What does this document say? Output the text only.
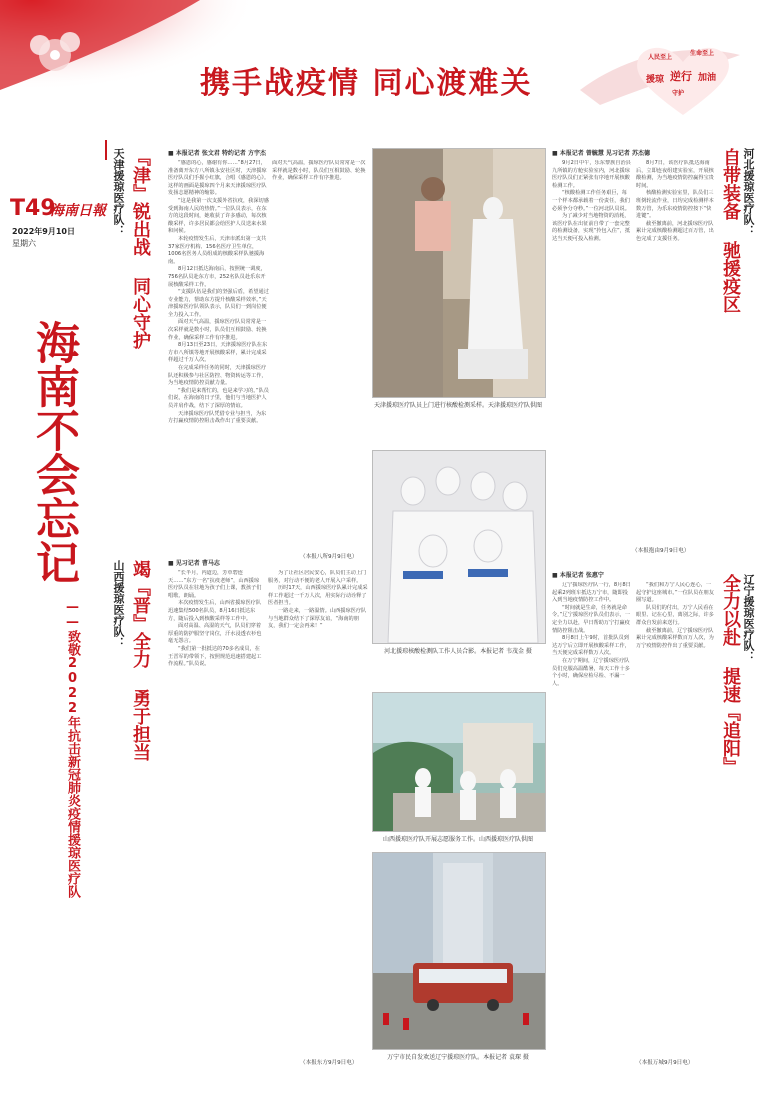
携手战疫情 同心渡难关
人民至上
生命至上
逆行 加油
援琼
守护
T49
海南日報
2022年9月10日
星期六
海南不会忘记
——致敬2022年抗击新冠肺炎疫情援琼医疗队
天津援琼医疗队： 『津』锐出战 同心守护	■ 本报记者 张文君 特约记者 方宇杰

“感恩的心，感谢有你……”8月27日，准备离开东方八所镇永安社区时，天津援琼医疗队员们手握小红旗，合唱《感恩的心》。这样的画面是援琼四个月来天津援琼医疗队发扬志愿精神的缩影。

“这是我第一次支援外省抗疫，我深切感受到海南人民的热情。”一位队员表示，在东方的这段时间，她收获了许多感动，每次核酸采样，许多居民都会给医护人员送来水果和问候。

本轮疫情发生后，天津市派出第一支共37家医疗机构、156名医疗卫生单位，1006名医务人员组成的核酸采样队驰援海南。

8月12日抵达海南后，按照统一调度，756名队员赴东方市，252名队员赴乐东开展核酸采样工作。

“支援队伍是我们的坚强后盾，希望通过专业能力，帮助东方提升核酸采样效率。”天津援琼医疗队领队表示，队员们一到岗位便全力投入工作。

面对天气高温，援琼医疗队员常常是一次采样就是数小时，队员们互相鼓励、轮换作业，确保采样工作有序推进。

8月13日至23日，天津援琼医疗队在东方市八所镇等地开展核酸采样，累计完成采样超过千万人次。

在完成采样任务的同时，天津援琼医疗队还积极参与社区防控、物资转运等工作，为当地疫情防控贡献力量。

“我们是来帮忙的，也是来学习的。”队员们说，在海南的日子里，他们与当地医护人员并肩作战，结下了深厚的情谊。

天津援琼医疗队凭借专业与担当，为东方打赢疫情防控阻击战作出了重要贡献。

面对天气高温，援琼医疗队员常常是一次采样就是数小时，队员们互相鼓励、轮换作业，确保采样工作有序推进。

（本报八所9月9日电）
天津援琼医疗队员上门进行核酸检测采样。天津援琼医疗队供图
河北援琼医疗队：
自带装备 驰援疫区
■ 本报记者 曾毓慧 见习记者 苏杰德

9月2日中午，乐东黎族自治县九所镇的方舱实验室内，河北援琼医疗队员们正紧张有序地开展核酸检测工作。

“核酸检测工作任务艰巨，每一个样本都承载着一份责任，我们必须争分夺秒。”一位河北队员说。

为了减少对当地物资的消耗，该医疗队在出征前自带了一套完整的检测设备，实现“拎包入住”，抵达当天便可投入检测。

8月7日，该医疗队抵达海南后，立即连夜组建实验室，开展核酸检测，为当地疫情防控赢得宝贵时间。

核酸检测实验室里，队员们三班倒轮流作业，日均完成检测样本数万管，为乐东疫情防控按下“快进键”。

截至撤离前，河北援琼医疗队累计完成核酸检测超过百万管，出色完成了支援任务。

（本报抱由9月9日电）
河北援琼核酸检测队工作人员合影。本报记者 韦茂金 摄
山西援琼医疗队： 竭『晋』全力 勇于担当	■ 见习记者 曹马志

“长半月，内道边，芳草碧连天……”东方一名“抗疫老师”，山西援琼医疗队员在驻地为孩子们上课，教孩子们唱歌、朗诵。

本次疫情发生后，山西省援琼医疗队迅速集结500名队员，8月16日抵达东方，随后投入到核酸采样等工作中。

面对高温、高湿的天气，队员们穿着厚重的防护服坚守岗位，汗水浸透衣衫也毫无怨言。

“我们第一批抵达的70多名成员，在王晋军的带领下，按照规范迅速搭建起工作流程。”队员说。

为了让社区居民安心，队员们主动上门服务，对行动不便的老人开展入户采样。

历时17天，山西援琼医疗队累计完成采样工作超过一千万人次，用实际行动诠释了医者担当。

一路走来，一路温情。山西援琼医疗队与当地群众结下了深厚友谊，“海南的朋友，我们一定会再来！”

（本报东方9月9日电）
山西援琼医疗队开展志愿服务工作。山西援琼医疗队供图
辽宁援琼医疗队：
全力以赴 提速『追阳』
■ 本报记者 张惠宁

辽宁援琼医疗队一行，8月8日起乘2列班车抵达万宁市，随即投入到当地疫情防控工作中。

“时间就是生命，任务就是命令。”辽宁援琼医疗队员们表示，一定全力以赴，早日帮助万宁打赢疫情防控阻击战。

8月8日上午9时，首批队员到达万宁后立即开展核酸采样工作，当天便完成采样数万人次。

在万宁期间，辽宁援琼医疗队员们克服高温酷暑，每天工作十多个小时，确保应检尽检、不漏一人。

“我们和万宁人民心连心，一起守护这座城市。”一位队员在朋友圈写道。

队员们的付出，万宁人民看在眼里、记在心里，离别之际，许多群众自发前来送行。

截至撤离前，辽宁援琼医疗队累计完成核酸采样数百万人次，为万宁疫情防控作出了重要贡献。

（本报万城9月9日电）
万宁市民自发欢送辽宁援琼医疗队。本报记者 袁琛 摄
